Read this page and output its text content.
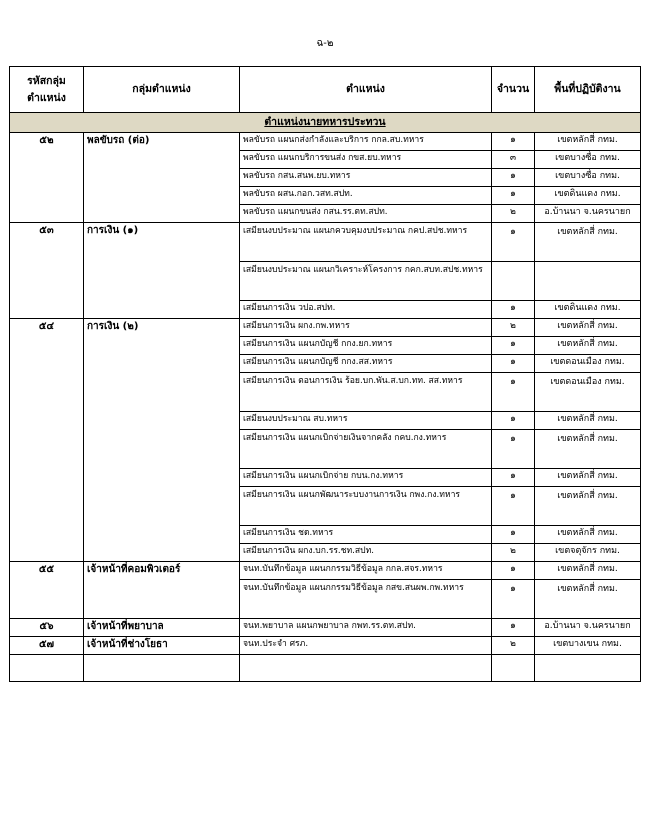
ฉ-๒
รหัสกลุ่มตำแหน่ง	กลุ่มตำแหน่ง	ตำแหน่ง	จำนวน	พื้นที่ปฏิบัติงาน
ตำแหน่งนายทหารประทวน				
๕๒	พลขับรถ (ต่อ)	พลขับรถ แผนกส่งกำลังและบริการ กกล.สบ.ทหาร	๑	เขตหลักสี่ กทม.
		พลขับรถ แผนกบริการขนส่ง กขส.ยบ.ทหาร	๓	เขตบางซื่อ กทม.
		พลขับรถ กสน.สนพ.ยบ.ทหาร	๑	เขตบางซื่อ กทม.
		พลขับรถ ผสน.กอก.วสท.สปท.	๑	เขตดินแดง กทม.
		พลขับรถ แผนกขนส่ง กสน.รร.ตท.สปท.	๒	อ.บ้านนา จ.นครนายก
๕๓	การเงิน (๑)	เสมียนงบประมาณ แผนกควบคุมงบประมาณ กคป.สปช.ทหาร	๑	เขตหลักสี่ กทม.
		เสมียนงบประมาณ แผนกวิเคราะห์โครงการ กคก.สบท.สปช.ทหาร		
		เสมียนการเงิน วปอ.สปท.	๑	เขตดินแดง กทม.
๕๔	การเงิน (๒)	เสมียนการเงิน ผกง.กพ.ทหาร	๒	เขตหลักสี่ กทม.
		เสมียนการเงิน แผนกบัญชี กกง.ยก.ทหาร	๑	เขตหลักสี่ กทม.
		เสมียนการเงิน แผนกบัญชี กกง.สส.ทหาร	๑	เขตดอนเมือง กทม.
		เสมียนการเงิน ตอนการเงิน ร้อย.บก.พัน.ส.บก.ทท. สส.ทหาร	๑	เขตดอนเมือง กทม.
		เสมียนงบประมาณ สบ.ทหาร	๑	เขตหลักสี่ กทม.
		เสมียนการเงิน แผนกเบิกจ่ายเงินจากคลัง กคบ.กง.ทหาร	๑	เขตหลักสี่ กทม.
		เสมียนการเงิน แผนกเบิกจ่าย กบน.กง.ทหาร	๑	เขตหลักสี่ กทม.
		เสมียนการเงิน แผนกพัฒนาระบบงานการเงิน กพง.กง.ทหาร	๑	เขตหลักสี่ กทม.
		เสมียนการเงิน ชด.ทหาร	๑	เขตหลักสี่ กทม.
		เสมียนการเงิน ผกง.บก.รร.ชท.สปท.	๒	เขตจตุจักร กทม.
๕๕	เจ้าหน้าที่คอมพิวเตอร์	จนท.บันทึกข้อมูล แผนกกรรมวิธีข้อมูล กกล.สจร.ทหาร	๑	เขตหลักสี่ กทม.
		จนท.บันทึกข้อมูล แผนกกรรมวิธีข้อมูล กสข.สนผพ.กพ.ทหาร	๑	เขตหลักสี่ กทม.
๕๖	เจ้าหน้าที่พยาบาล	จนท.พยาบาล แผนกพยาบาล กพท.รร.ตท.สปท.	๑	อ.บ้านนา จ.นครนายก
๕๗	เจ้าหน้าที่ช่างโยธา	จนท.ประจำ ศรภ.	๒	เขตบางเขน กทม.
